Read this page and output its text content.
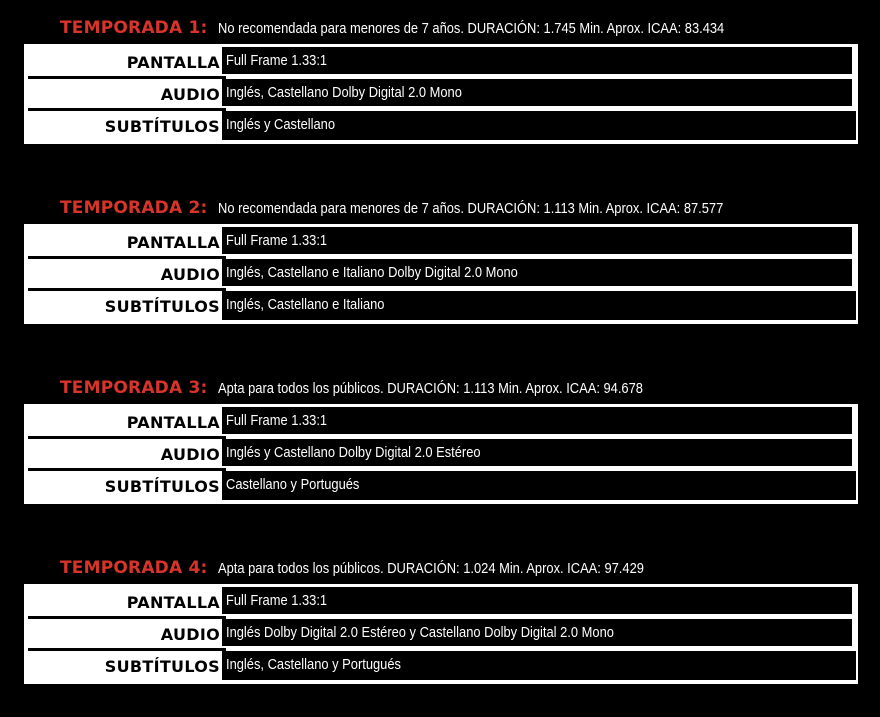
TEMPORADA 1: No recomendada para menores de 7 años. DURACIÓN: 1.745 Min. Aprox. ICAA: 83.434
PANTALLA Full Frame 1.33:1
AUDIO Inglés, Castellano Dolby Digital 2.0 Mono
SUBTÍTULOS Inglés y Castellano
TEMPORADA 2: No recomendada para menores de 7 años. DURACIÓN: 1.113 Min. Aprox. ICAA: 87.577
PANTALLA Full Frame 1.33:1
AUDIO Inglés, Castellano e Italiano Dolby Digital 2.0 Mono
SUBTÍTULOS Inglés, Castellano e Italiano
TEMPORADA 3: Apta para todos los públicos. DURACIÓN: 1.113 Min. Aprox. ICAA: 94.678
PANTALLA Full Frame 1.33:1
AUDIO Inglés y Castellano Dolby Digital 2.0 Estéreo
SUBTÍTULOS Castellano y Portugués
TEMPORADA 4: Apta para todos los públicos. DURACIÓN: 1.024 Min. Aprox. ICAA: 97.429
PANTALLA Full Frame 1.33:1
AUDIO Inglés Dolby Digital 2.0 Estéreo y Castellano Dolby Digital 2.0 Mono
SUBTÍTULOS Inglés, Castellano y Portugués
